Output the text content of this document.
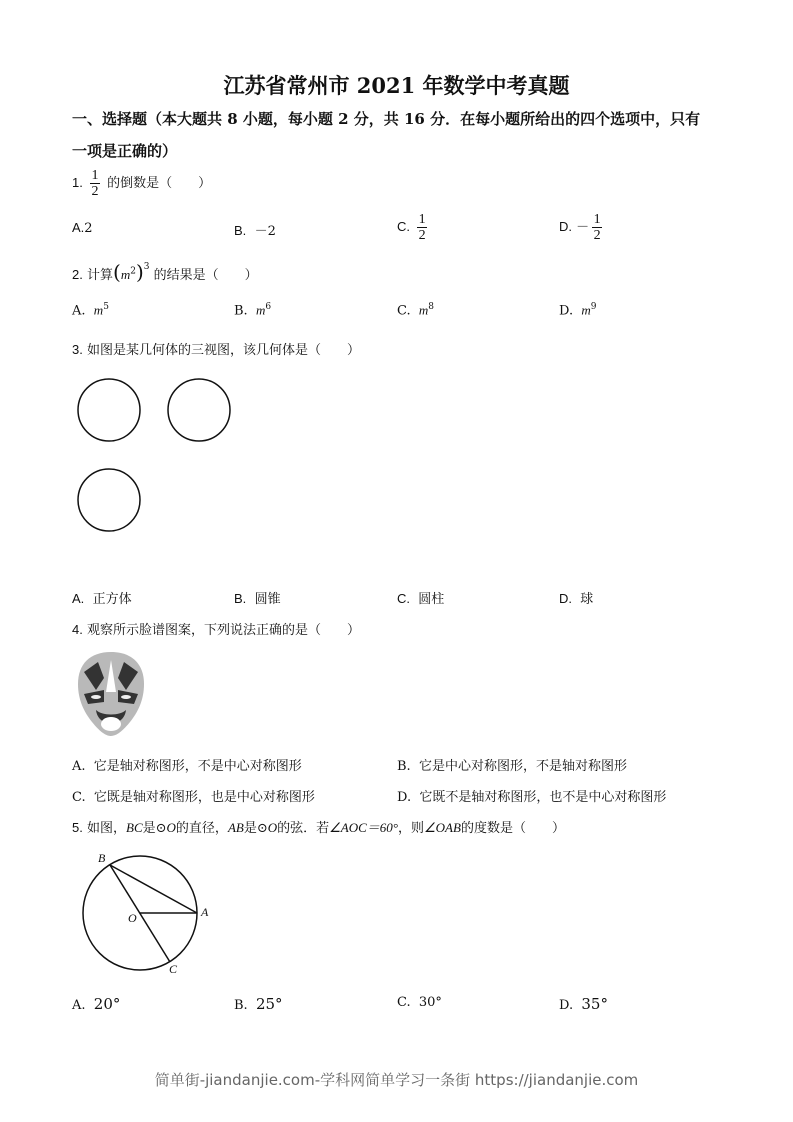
江苏省常州市 2021 年数学中考真题
一、选择题（本大题共 8 小题，每小题 2 分，共 16 分．在每小题所给出的四个选项中，只有
一项是正确的）
1. $\frac{1}{2}$ 的倒数是（　　）
A.2	B. －2	C. $\frac{1}{2}$	D. － $\frac{1}{2}$
2. 计算$(m^2)^3$ 的结果是（　　）
A. $m^5$	B. $m^6$	C. $m^8$	D. $m^9$
3. 如图是某几何体的三视图，该几何体是（　　）
B
O	A
C
A. 正方体	B. 圆锥	C. 圆柱	D. 球
4. 观察所示脸谱图案，下列说法正确的是（　　）
A. 它是轴对称图形，不是中心对称图形	B. 它是中心对称图形，不是轴对称图形
C. 它既是轴对称图形，也是中心对称图形	D. 它既不是轴对称图形，也不是中心对称图形
5. 如图，BC是⊙O的直径，AB是⊙O的弦．若∠AOC＝60°，则∠OAB的度数是（　　）
A. 20°	B. 25°	C. 30°	D. 35°
简单街-jiandanjie.com-学科网简单学习一条街 https://jiandanjie.com
